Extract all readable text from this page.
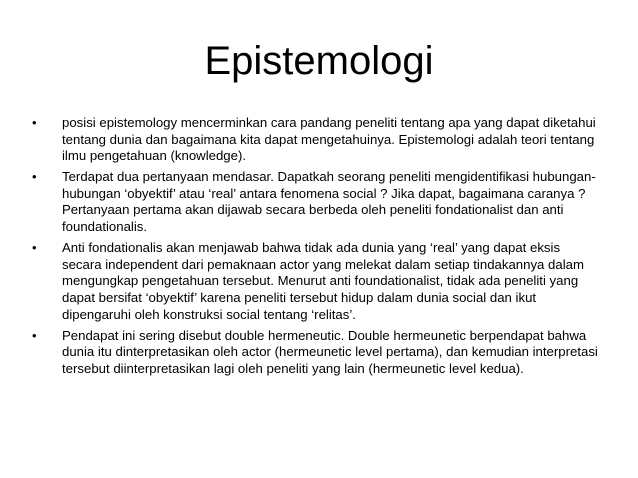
Epistemologi
• posisi epistemology mencerminkan cara pandang peneliti tentang apa yang dapat diketahui tentang dunia dan bagaimana kita dapat mengetahuinya. Epistemologi adalah teori tentang ilmu pengetahuan (knowledge).
• Terdapat dua pertanyaan mendasar. Dapatkah seorang peneliti mengidentifikasi hubungan-hubungan ‘obyektif’ atau ‘real’ antara fenomena social ? Jika dapat, bagaimana caranya ? Pertanyaan pertama akan dijawab secara berbeda oleh peneliti fondationalist dan anti foundationalis.
• Anti fondationalis akan menjawab bahwa tidak ada dunia yang ‘real’ yang dapat eksis secara independent dari pemaknaan actor yang melekat dalam setiap tindakannya dalam mengungkap pengetahuan tersebut. Menurut anti foundationalist, tidak ada peneliti yang dapat bersifat ‘obyektif’ karena peneliti tersebut hidup dalam dunia social dan ikut dipengaruhi oleh konstruksi social tentang ‘relitas’.
• Pendapat ini sering disebut double hermeneutic. Double hermeunetic berpendapat bahwa dunia itu dinterpretasikan oleh actor (hermeunetic level pertama), dan kemudian interpretasi tersebut diinterpretasikan lagi oleh peneliti yang lain (hermeunetic level kedua).
